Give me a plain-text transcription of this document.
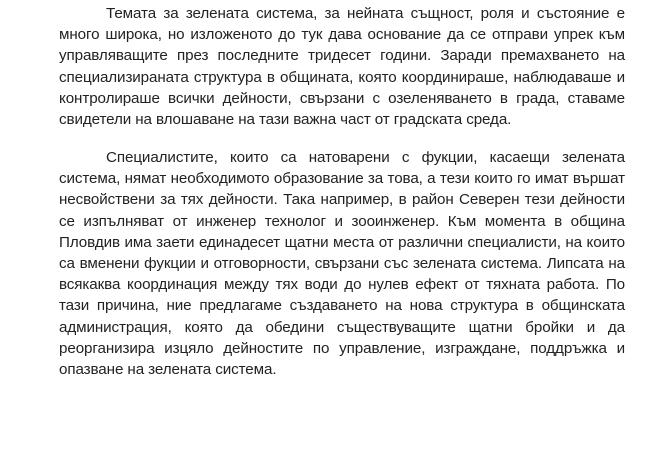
Темата за зелената система, за нейната същност, роля и състояние е много широка, но изложеното до тук дава основание да се отправи упрек към управляващите през последните тридесет години. Заради премахването на специализираната структура в общината, която координираше, наблюдаваше и контролираше всички дейности, свързани с озеленяването в града, ставаме свидетели на влошаване на тази важна част от градската среда.

Специалистите, които са натоварени с фукции, касаещи зелената система, нямат необходимото образование за това, а тези които го имат вършат несвойствени за тях дейности. Така например, в район Северен тези дейности се изпълняват от инженер технолог и зооинженер. Към момента в община Пловдив има заети единадесет щатни места от различни специалисти, на които са вменени фукции и отговорности, свързани със зелената система. Липсата на всякаква координация между тях води до нулев ефект от тяхната работа. По тази причина, ние предлагаме създаването на нова структура в общинската администрация, която да обедини съществуващите щатни бройки и да реорганизира изцяло дейностите по управление, изграждане, поддръжка и опазване на зелената система.
